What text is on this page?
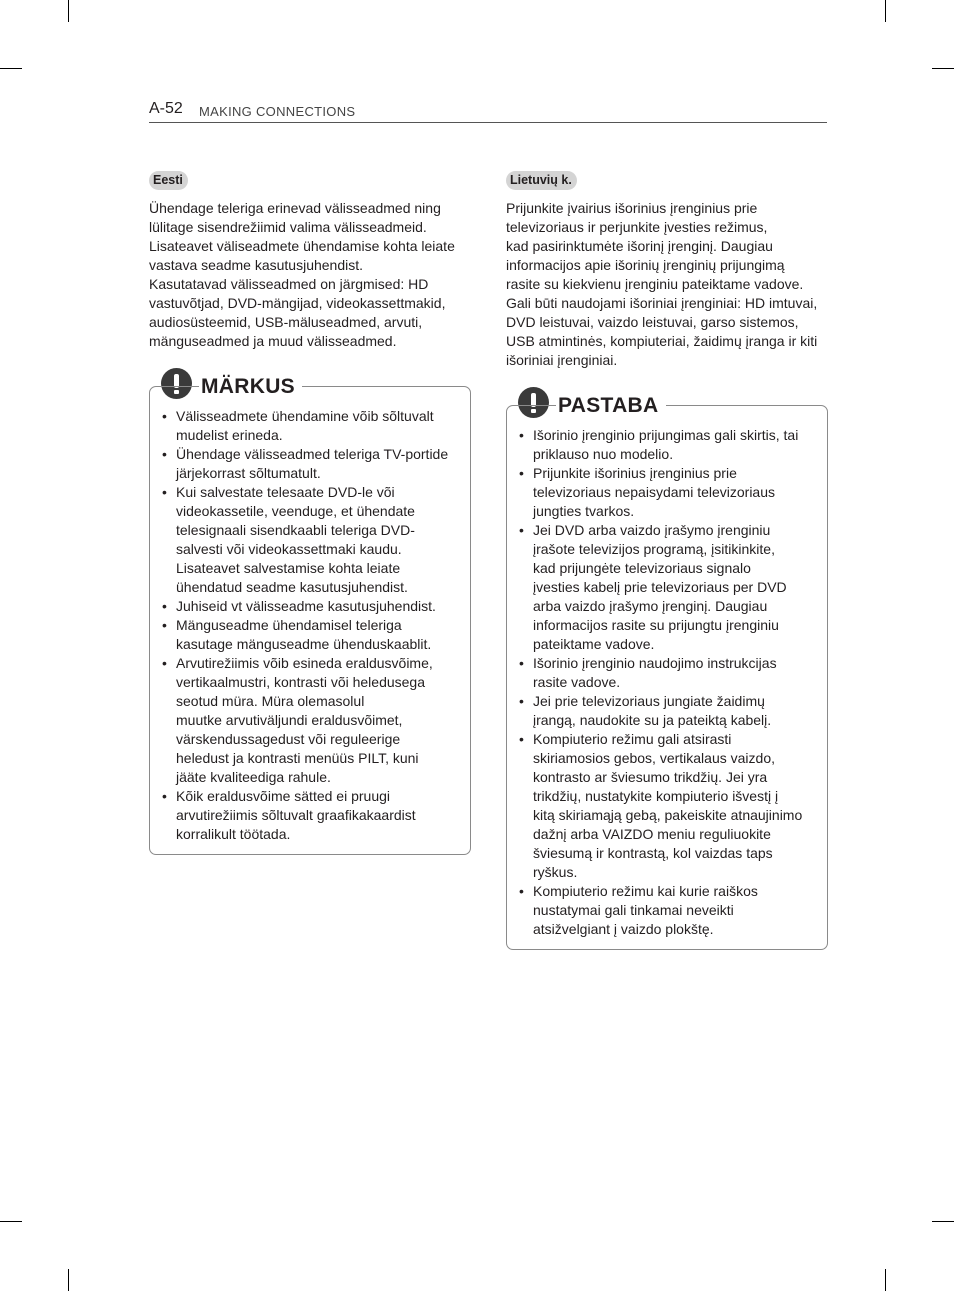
A-52 MAKING CONNECTIONS
Eesti

Ühendage teleriga erinevad välisseadmed ning
lülitage sisendrežiimid valima välisseadmeid.
Lisateavet väliseadmete ühendamise kohta leiate
vastava seadme kasutusjuhendist.

Kasutatavad välisseadmed on järgmised: HD
vastuvõtjad, DVD-mängijad, videokassettmakid,
audiosüsteemid, USB-mäluseadmed, arvuti,
mänguseadmed ja muud välisseadmed.

MÄRKUS
• Välisseadmete ühendamine võib sõltuvalt
mudelist erineda.
• Ühendage välisseadmed teleriga TV-portide
järjekorrast sõltumatult.
• Kui salvestate telesaate DVD-le või
videokassetile, veenduge, et ühendate
telesignaali sisendkaabli teleriga DVD-
salvesti või videokassettmaki kaudu.
Lisateavet salvestamise kohta leiate
ühendatud seadme kasutusjuhendist.
• Juhiseid vt välisseadme kasutusjuhendist.
• Mänguseadme ühendamisel teleriga
kasutage mänguseadme ühenduskaablit.
• Arvutirežiimis võib esineda eraldusvõime,
vertikaalmustri, kontrasti või heledusega
seotud müra. Müra olemasolul
muutke arvutiväljundi eraldusvõimet,
värskendussagedust või reguleerige
heledust ja kontrasti menüüs PILT, kuni
jääte kvaliteediga rahule.
• Kõik eraldusvõime sätted ei pruugi
arvutirežiimis sõltuvalt graafikakaardist
korralikult töötada.
Lietuvių k.

Prijunkite įvairius išorinius įrenginius prie
televizoriaus ir perjunkite įvesties režimus,
kad pasirinktumėte išorinį įrenginį. Daugiau
informacijos apie išorinių įrenginių prijungimą
rasite su kiekvienu įrenginiu pateiktame vadove.
Gali būti naudojami išoriniai įrenginiai: HD imtuvai,
DVD leistuvai, vaizdo leistuvai, garso sistemos,
USB atmintinės, kompiuteriai, žaidimų įranga ir kiti
išoriniai įrenginiai.

PASTABA
• Išorinio įrenginio prijungimas gali skirtis, tai
priklauso nuo modelio.
• Prijunkite išorinius įrenginius prie
televizoriaus nepaisydami televizoriaus
jungties tvarkos.
• Jei DVD arba vaizdo įrašymo įrenginiu
įrašote televizijos programą, įsitikinkite,
kad prijungėte televizoriaus signalo
įvesties kabelį prie televizoriaus per DVD
arba vaizdo įrašymo įrenginį. Daugiau
informacijos rasite su prijungtu įrenginiu
pateiktame vadove.
• Išorinio įrenginio naudojimo instrukcijas
rasite vadove.
• Jei prie televizoriaus jungiate žaidimų
įrangą, naudokite su ja pateiktą kabelį.
• Kompiuterio režimu gali atsirasti
skiriamosios gebos, vertikalaus vaizdo,
kontrasto ar šviesumo trikdžių. Jei yra
trikdžių, nustatykite kompiuterio išvestį į
kitą skiriamąją gebą, pakeiskite atnaujinimo
dažnį arba VAIZDO meniu reguliuokite
šviesumą ir kontrastą, kol vaizdas taps
ryškus.
• Kompiuterio režimu kai kurie raiškos
nustatymai gali tinkamai neveikti
atsižvelgiant į vaizdo plokštę.
